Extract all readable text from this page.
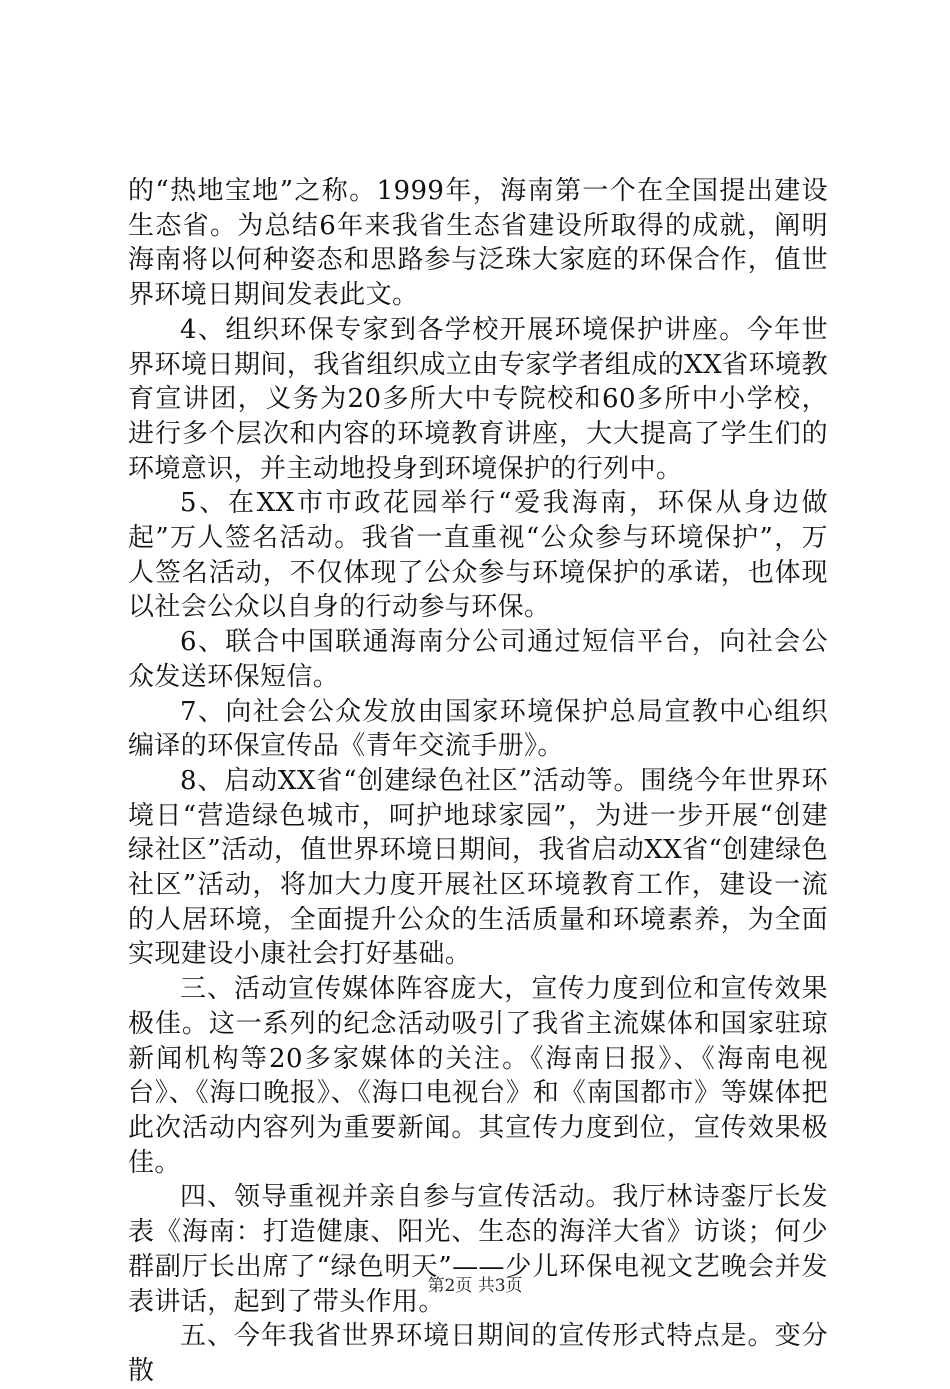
的“热地宝地”之称。1999年，海南第一个在全国提出建设生态省。为总结6年来我省生态省建设所取得的成就，阐明海南将以何种姿态和思路参与泛珠大家庭的环保合作，值世界环境日期间发表此文。

4、组织环保专家到各学校开展环境保护讲座。今年世界环境日期间，我省组织成立由专家学者组成的XX省环境教育宣讲团，义务为20多所大中专院校和60多所中小学校，进行多个层次和内容的环境教育讲座，大大提高了学生们的环境意识，并主动地投身到环境保护的行列中。

5、在XX市市政花园举行“爱我海南，环保从身边做起”万人签名活动。我省一直重视“公众参与环境保护”，万人签名活动，不仅体现了公众参与环境保护的承诺，也体现以社会公众以自身的行动参与环保。

6、联合中国联通海南分公司通过短信平台，向社会公众发送环保短信。

7、向社会公众发放由国家环境保护总局宣教中心组织编译的环保宣传品《青年交流手册》。

8、启动XX省“创建绿色社区”活动等。围绕今年世界环境日“营造绿色城市，呵护地球家园”，为进一步开展“创建绿社区”活动，值世界环境日期间，我省启动XX省“创建绿色社区”活动，将加大力度开展社区环境教育工作，建设一流的人居环境，全面提升公众的生活质量和环境素养，为全面实现建设小康社会打好基础。

三、活动宣传媒体阵容庞大，宣传力度到位和宣传效果极佳。这一系列的纪念活动吸引了我省主流媒体和国家驻琼新闻机构等20多家媒体的关注。《海南日报》、《海南电视台》、《海口晚报》、《海口电视台》和《南国都市》等媒体把此次活动内容列为重要新闻。其宣传力度到位，宣传效果极佳。

四、领导重视并亲自参与宣传活动。我厅林诗銮厅长发表《海南：打造健康、阳光、生态的海洋大省》访谈；何少群副厅长出席了“绿色明天”——少儿环保电视文艺晚会并发表讲话，起到了带头作用。

五、今年我省世界环境日期间的宣传形式特点是。变分散

第2页 共3页
